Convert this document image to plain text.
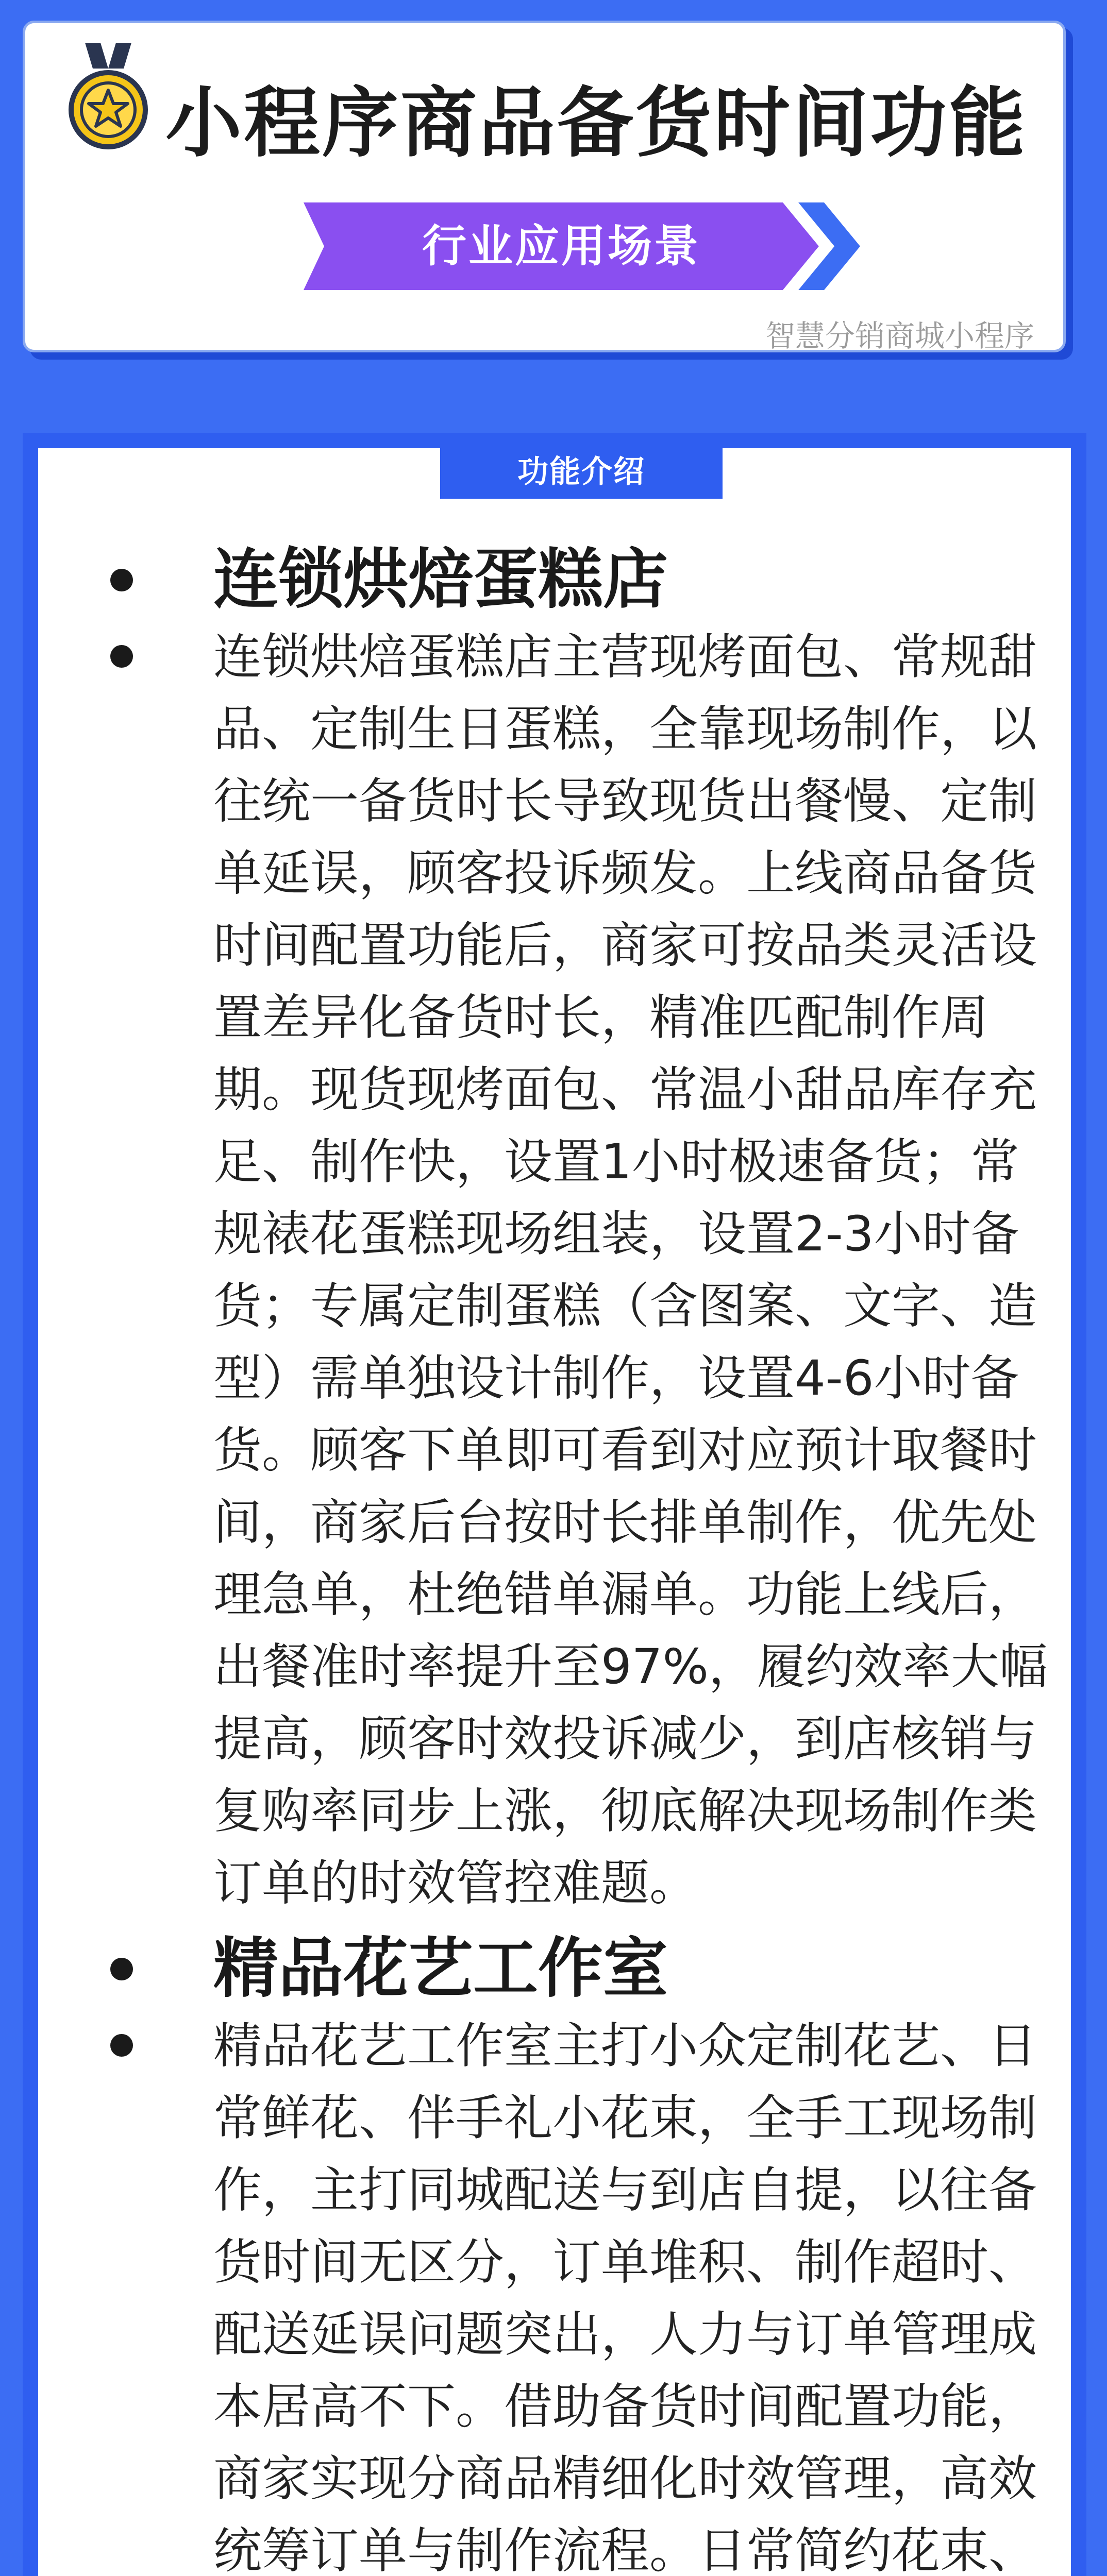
小程序商品备货时间功能
行业应用场景
智慧分销商城小程序
功能介绍
连锁烘焙蛋糕店
连锁烘焙蛋糕店主营现烤面包、常规甜
品、定制生日蛋糕，全靠现场制作，以
往统一备货时长导致现货出餐慢、定制
单延误，顾客投诉频发。上线商品备货
时间配置功能后，商家可按品类灵活设
置差异化备货时长，精准匹配制作周
期。现货现烤面包、常温小甜品库存充
足、制作快，设置1小时极速备货；常
规裱花蛋糕现场组装，设置2-3小时备
货；专属定制蛋糕（含图案、文字、造
型）需单独设计制作，设置4-6小时备
货。顾客下单即可看到对应预计取餐时
间，商家后台按时长排单制作，优先处
理急单，杜绝错单漏单。功能上线后，
出餐准时率提升至97%，履约效率大幅
提高，顾客时效投诉减少，到店核销与
复购率同步上涨，彻底解决现场制作类
订单的时效管控难题。
精品花艺工作室
精品花艺工作室主打小众定制花艺、日
常鲜花、伴手礼小花束，全手工现场制
作，主打同城配送与到店自提，以往备
货时间无区分，订单堆积、制作超时、
配送延误问题突出，人力与订单管理成
本居高不下。借助备货时间配置功能，
商家实现分商品精细化时效管理，高效
统筹订单与制作流程。日常简约花束、
